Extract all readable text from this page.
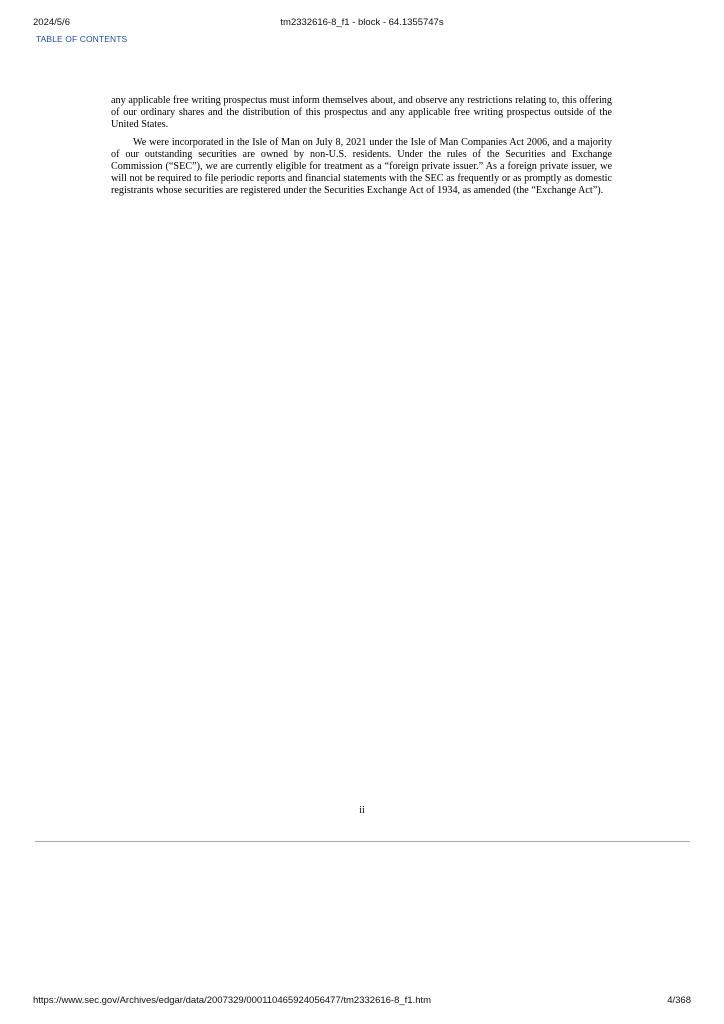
2024/5/6	tm2332616-8_f1 - block - 64.1355747s
TABLE OF CONTENTS

any applicable free writing prospectus must inform themselves about, and observe any restrictions relating to, this offering of our ordinary shares and the distribution of this prospectus and any applicable free writing prospectus outside of the United States.

We were incorporated in the Isle of Man on July 8, 2021 under the Isle of Man Companies Act 2006, and a majority of our outstanding securities are owned by non-U.S. residents. Under the rules of the Securities and Exchange Commission (“SEC”), we are currently eligible for treatment as a “foreign private issuer.” As a foreign private issuer, we will not be required to file periodic reports and financial statements with the SEC as frequently or as promptly as domestic registrants whose securities are registered under the Securities Exchange Act of 1934, as amended (the “Exchange Act”).

ii
https://www.sec.gov/Archives/edgar/data/2007329/000110465924056477/tm2332616-8_f1.htm	4/368
